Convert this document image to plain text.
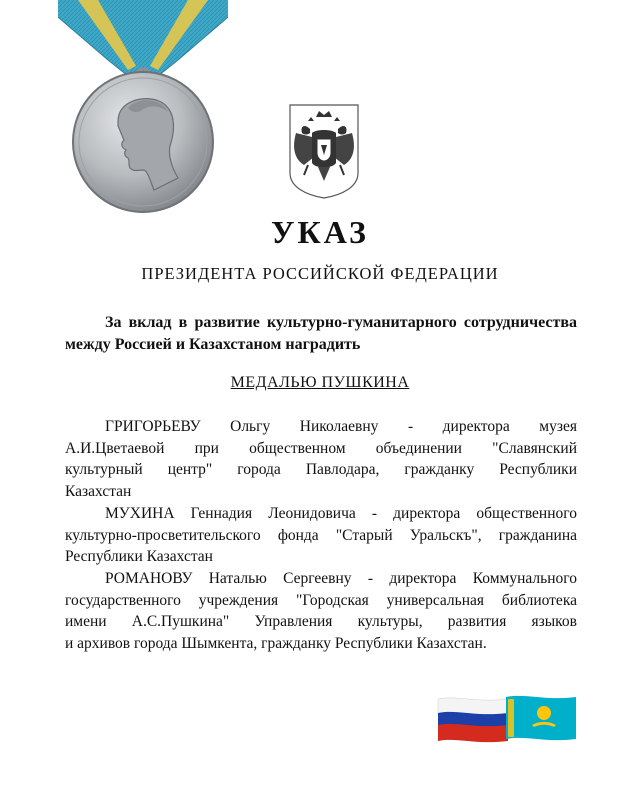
УКАЗ
ПРЕЗИДЕНТА РОССИЙСКОЙ ФЕДЕРАЦИИ
За вклад в развитие культурно-гуманитарного сотрудничества
между Россией и Казахстаном наградить
МЕДАЛЬЮ ПУШКИНА
ГРИГОРЬЕВУ Ольгу Николаевну - директора музея
А.И.Цветаевой при общественном объединении "Славянский
культурный центр" города Павлодара, гражданку Республики
Казахстан
МУХИНА Геннадия Леонидовича - директора общественного
культурно-просветительского фонда "Старый Уральскъ", гражданина
Республики Казахстан
РОМАНОВУ Наталью Сергеевну - директора Коммунального
государственного учреждения "Городская универсальная библиотека
имени А.С.Пушкина" Управления культуры, развития языков
и архивов города Шымкента, гражданку Республики Казахстан.
